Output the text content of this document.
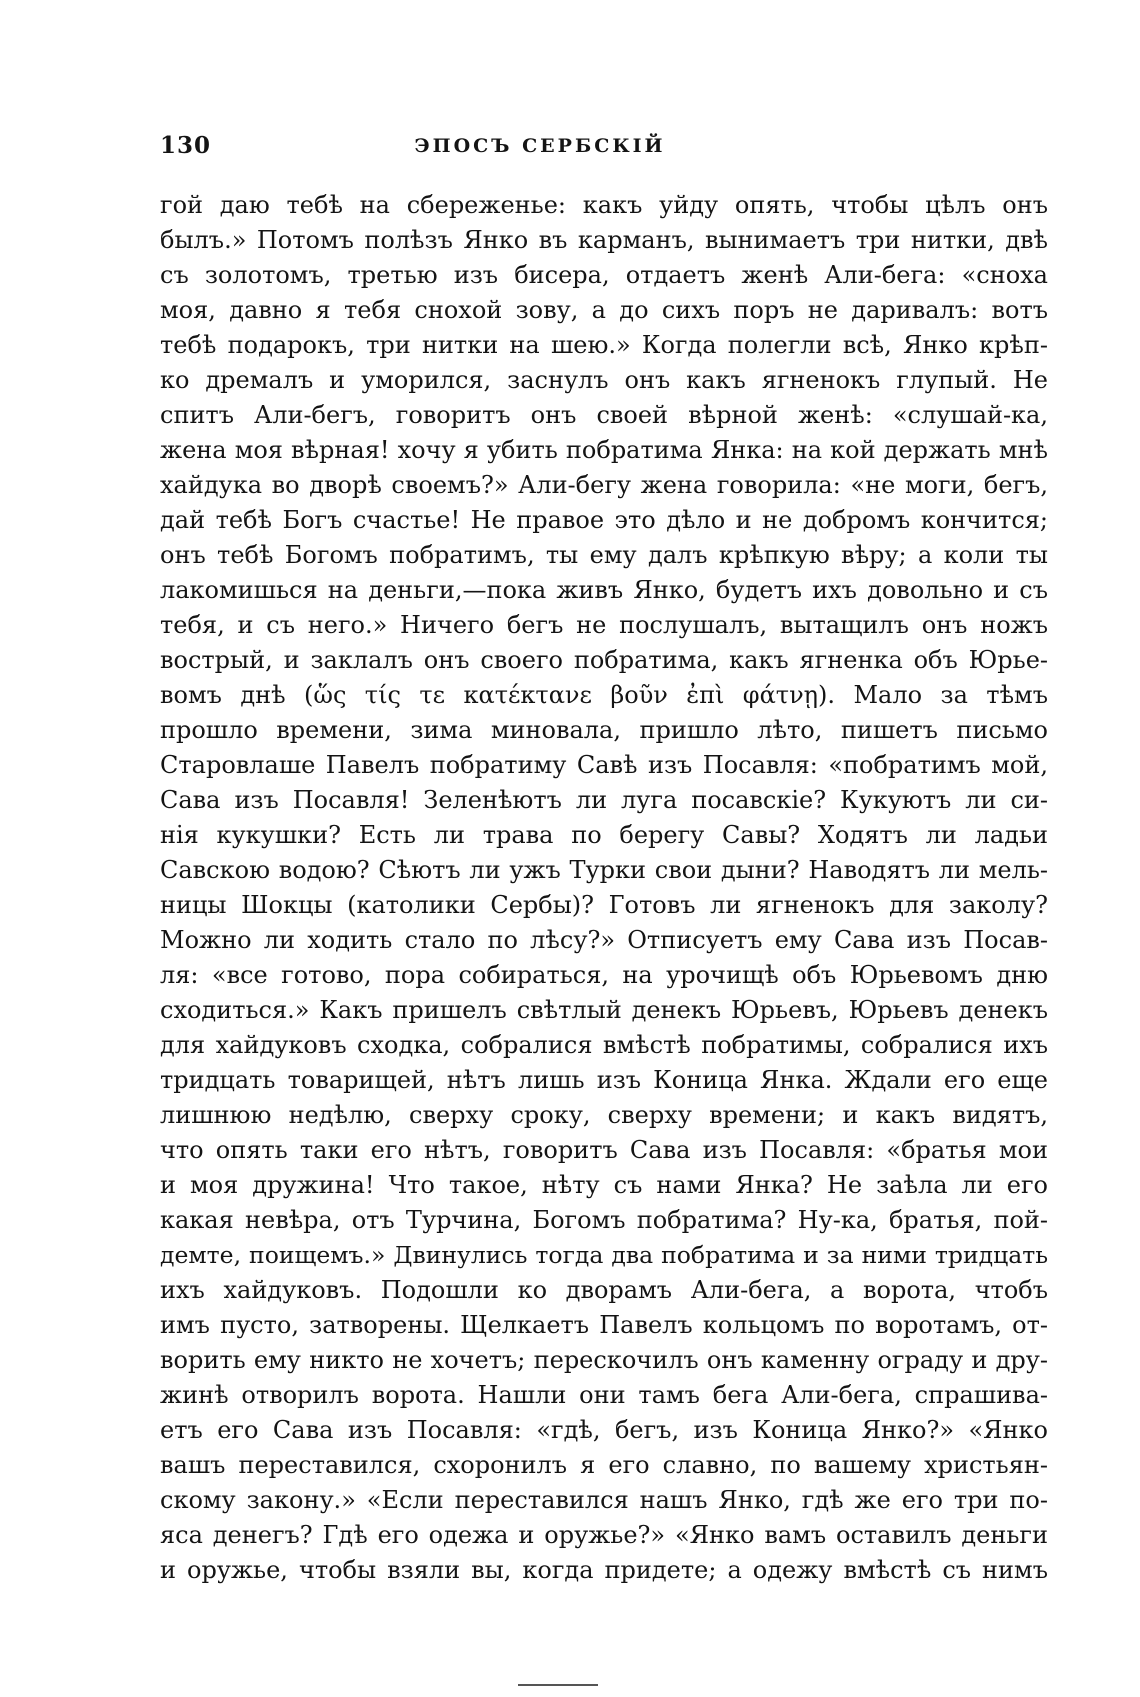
130	ЭПОСЪ СЕРБСКІЙ
гой даю тебѣ на сбереженье: какъ уйду опять, чтобы цѣлъ онъ
былъ.» Потомъ полѣзъ Янко въ карманъ, вынимаетъ три нитки, двѣ
съ золотомъ, третью изъ бисера, отдаетъ женѣ Али-бега: «сноха
моя, давно я тебя снохой зову, а до сихъ поръ не даривалъ: вотъ
тебѣ подарокъ, три нитки на шею.» Когда полегли всѣ, Янко крѣп-
ко дремалъ и уморился, заснулъ онъ какъ ягненокъ глупый. Не
спитъ Али-бегъ, говоритъ онъ своей вѣрной женѣ: «слушай-ка,
жена моя вѣрная! хочу я убить побратима Янка: на кой держать мнѣ
хайдука во дворѣ своемъ?» Али-бегу жена говорила: «не моги, бегъ,
дай тебѣ Богъ счастье! Не правое это дѣло и не добромъ кончится;
онъ тебѣ Богомъ побратимъ, ты ему далъ крѣпкую вѣру; а коли ты
лакомишься на деньги,—пока живъ Янко, будетъ ихъ довольно и съ
тебя, и съ него.» Ничего бегъ не послушалъ, вытащилъ онъ ножъ
вострый, и заклалъ онъ своего побратима, какъ ягненка объ Юрье-
вомъ днѣ (ὥς τίς τε κατέκτανε βοῦν ἐπὶ φάτνῃ). Мало за тѣмъ
прошло времени, зима миновала, пришло лѣто, пишетъ письмо
Старовлаше Павелъ побратиму Савѣ изъ Посавля: «побратимъ мой,
Сава изъ Посавля! Зеленѣютъ ли луга посавскіе? Кукуютъ ли си-
нія кукушки? Есть ли трава по берегу Савы? Ходятъ ли ладьи
Савскою водою? Сѣютъ ли ужъ Турки свои дыни? Наводятъ ли мель-
ницы Шокцы (католики Сербы)? Готовъ ли ягненокъ для заколу?
Можно ли ходить стало по лѣсу?» Отписуетъ ему Сава изъ Посав-
ля: «все готово, пора собираться, на урочищѣ объ Юрьевомъ дню
сходиться.» Какъ пришелъ свѣтлый денекъ Юрьевъ, Юрьевъ денекъ
для хайдуковъ сходка, собралися вмѣстѣ побратимы, собралися ихъ
тридцать товарищей, нѣтъ лишь изъ Коница Янка. Ждали его еще
лишнюю недѣлю, сверху сроку, сверху времени; и какъ видятъ,
что опять таки его нѣтъ, говоритъ Сава изъ Посавля: «братья мои
и моя дружина! Что такое, нѣту съ нами Янка? Не заѣла ли его
какая невѣра, отъ Турчина, Богомъ побратима? Ну-ка, братья, пой-
демте, поищемъ.» Двинулись тогда два побратима и за ними тридцать
ихъ хайдуковъ. Подошли ко дворамъ Али-бега, а ворота, чтобъ
имъ пусто, затворены. Щелкаетъ Павелъ кольцомъ по воротамъ, от-
ворить ему никто не хочетъ; перескочилъ онъ каменну ограду и дру-
жинѣ отворилъ ворота. Нашли они тамъ бега Али-бега, спрашива-
етъ его Сава изъ Посавля: «гдѣ, бегъ, изъ Коница Янко?» «Янко
вашъ переставился, схоронилъ я его славно, по вашему христьян-
скому закону.» «Если переставился нашъ Янко, гдѣ же его три по-
яса денегъ? Гдѣ его одежа и оружье?» «Янко вамъ оставилъ деньги
и оружье, чтобы взяли вы, когда придете; а одежу вмѣстѣ съ нимъ
